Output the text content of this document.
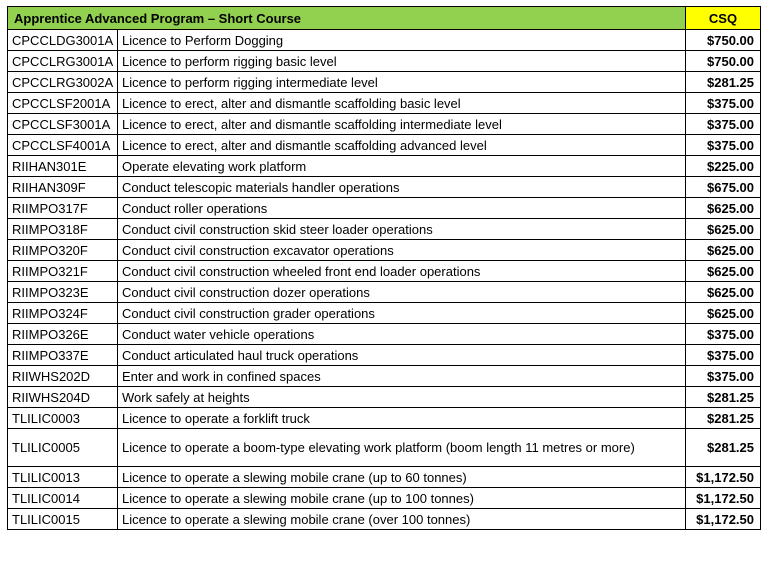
Apprentice Advanced Program – Short Course		CSQ
CPCCLDG3001A	Licence to Perform Dogging	$750.00
CPCCLRG3001A	Licence to perform rigging basic level	$750.00
CPCCLRG3002A	Licence to perform rigging intermediate level	$281.25
CPCCLSF2001A	Licence to erect, alter and dismantle scaffolding basic level	$375.00
CPCCLSF3001A	Licence to erect, alter and dismantle scaffolding intermediate level	$375.00
CPCCLSF4001A	Licence to erect, alter and dismantle scaffolding advanced level	$375.00
RIIHAN301E	Operate elevating work platform	$225.00
RIIHAN309F	Conduct telescopic materials handler operations	$675.00
RIIMPO317F	Conduct roller operations	$625.00
RIIMPO318F	Conduct civil construction skid steer loader operations	$625.00
RIIMPO320F	Conduct civil construction excavator operations	$625.00
RIIMPO321F	Conduct civil construction wheeled front end loader operations	$625.00
RIIMPO323E	Conduct civil construction dozer operations	$625.00
RIIMPO324F	Conduct civil construction grader operations	$625.00
RIIMPO326E	Conduct water vehicle operations	$375.00
RIIMPO337E	Conduct articulated haul truck operations	$375.00
RIIWHS202D	Enter and work in confined spaces	$375.00
RIIWHS204D	Work safely at heights	$281.25
TLILIC0003	Licence to operate a forklift truck	$281.25
TLILIC0005	Licence to operate a boom-type elevating work platform (boom length 11 metres or more)	$281.25
TLILIC0013	Licence to operate a slewing mobile crane (up to 60 tonnes)	$1,172.50
TLILIC0014	Licence to operate a slewing mobile crane (up to 100 tonnes)	$1,172.50
TLILIC0015	Licence to operate a slewing mobile crane (over 100 tonnes)	$1,172.50
